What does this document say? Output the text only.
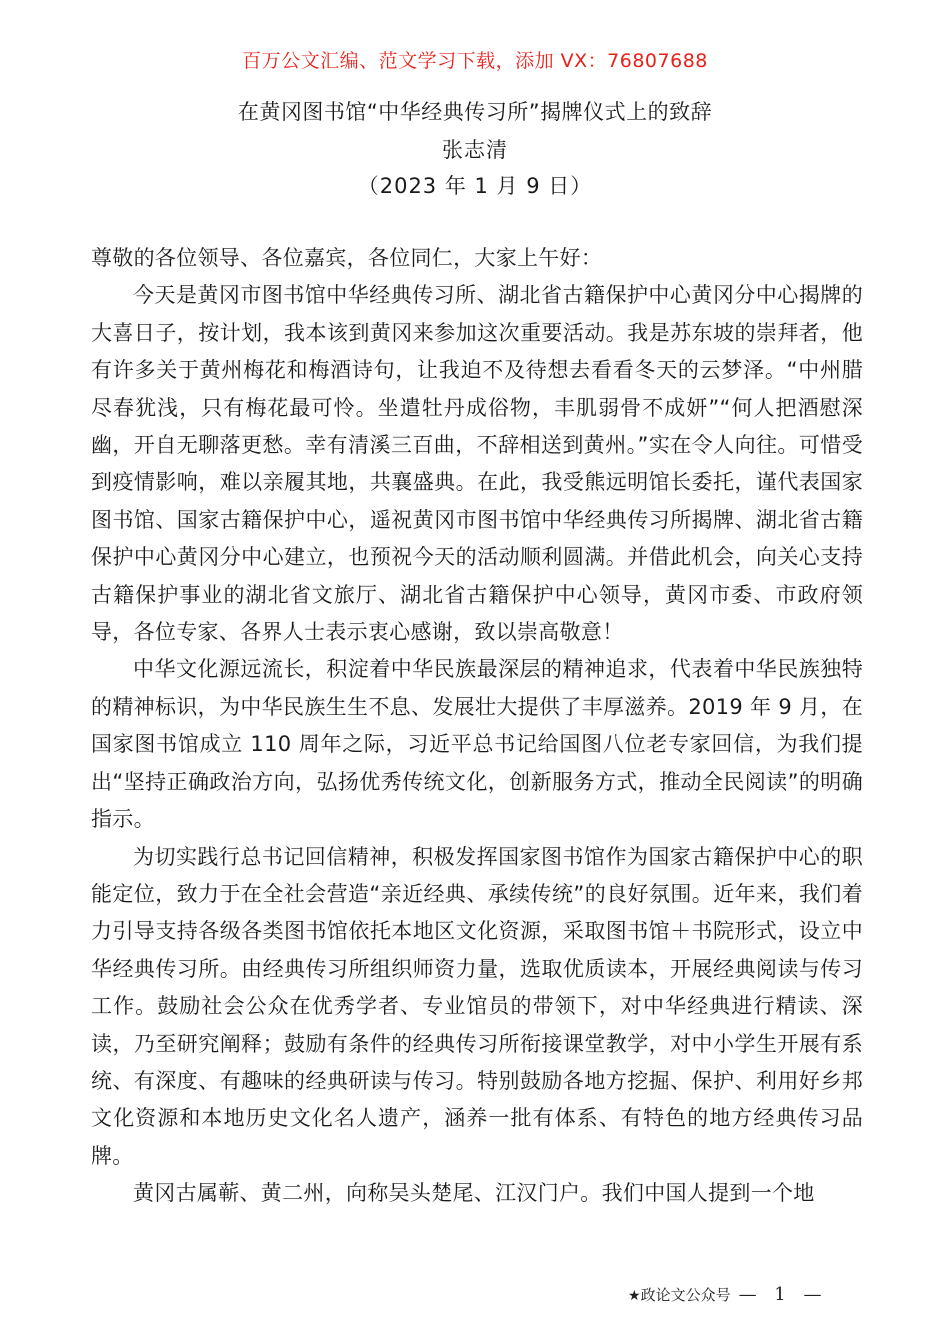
百万公文汇编、范文学习下载，添加 VX：76807688
在黄冈图书馆“中华经典传习所”揭牌仪式上的致辞
张志清
（2023 年 1 月 9 日）

尊敬的各位领导、各位嘉宾，各位同仁，大家上午好：

今天是黄冈市图书馆中华经典传习所、湖北省古籍保护中心黄冈分中心揭牌的大喜日子，按计划，我本该到黄冈来参加这次重要活动。我是苏东坡的崇拜者，他有许多关于黄州梅花和梅酒诗句，让我迫不及待想去看看冬天的云梦泽。“中州腊尽春犹浅，只有梅花最可怜。坐遣牡丹成俗物，丰肌弱骨不成妍”“何人把酒慰深幽，开自无聊落更愁。幸有清溪三百曲，不辞相送到黄州。”实在令人向往。可惜受到疫情影响，难以亲履其地，共襄盛典。在此，我受熊远明馆长委托，谨代表国家图书馆、国家古籍保护中心，遥祝黄冈市图书馆中华经典传习所揭牌、湖北省古籍保护中心黄冈分中心建立，也预祝今天的活动顺利圆满。并借此机会，向关心支持古籍保护事业的湖北省文旅厅、湖北省古籍保护中心领导，黄冈市委、市政府领导，各位专家、各界人士表示衷心感谢，致以崇高敬意！

中华文化源远流长，积淀着中华民族最深层的精神追求，代表着中华民族独特的精神标识，为中华民族生生不息、发展壮大提供了丰厚滋养。2019 年 9 月，在国家图书馆成立 110 周年之际，习近平总书记给国图八位老专家回信，为我们提出“坚持正确政治方向，弘扬优秀传统文化，创新服务方式，推动全民阅读”的明确指示。

为切实践行总书记回信精神，积极发挥国家图书馆作为国家古籍保护中心的职能定位，致力于在全社会营造“亲近经典、承续传统”的良好氛围。近年来，我们着力引导支持各级各类图书馆依托本地区文化资源，采取图书馆＋书院形式，设立中华经典传习所。由经典传习所组织师资力量，选取优质读本，开展经典阅读与传习工作。鼓励社会公众在优秀学者、专业馆员的带领下，对中华经典进行精读、深读，乃至研究阐释；鼓励有条件的经典传习所衔接课堂教学，对中小学生开展有系统、有深度、有趣味的经典研读与传习。特别鼓励各地方挖掘、保护、利用好乡邦文化资源和本地历史文化名人遗产，涵养一批有体系、有特色的地方经典传习品牌。

黄冈古属蕲、黄二州，向称吴头楚尾、江汉门户。我们中国人提到一个地

★政论文公众号 — 1 —
